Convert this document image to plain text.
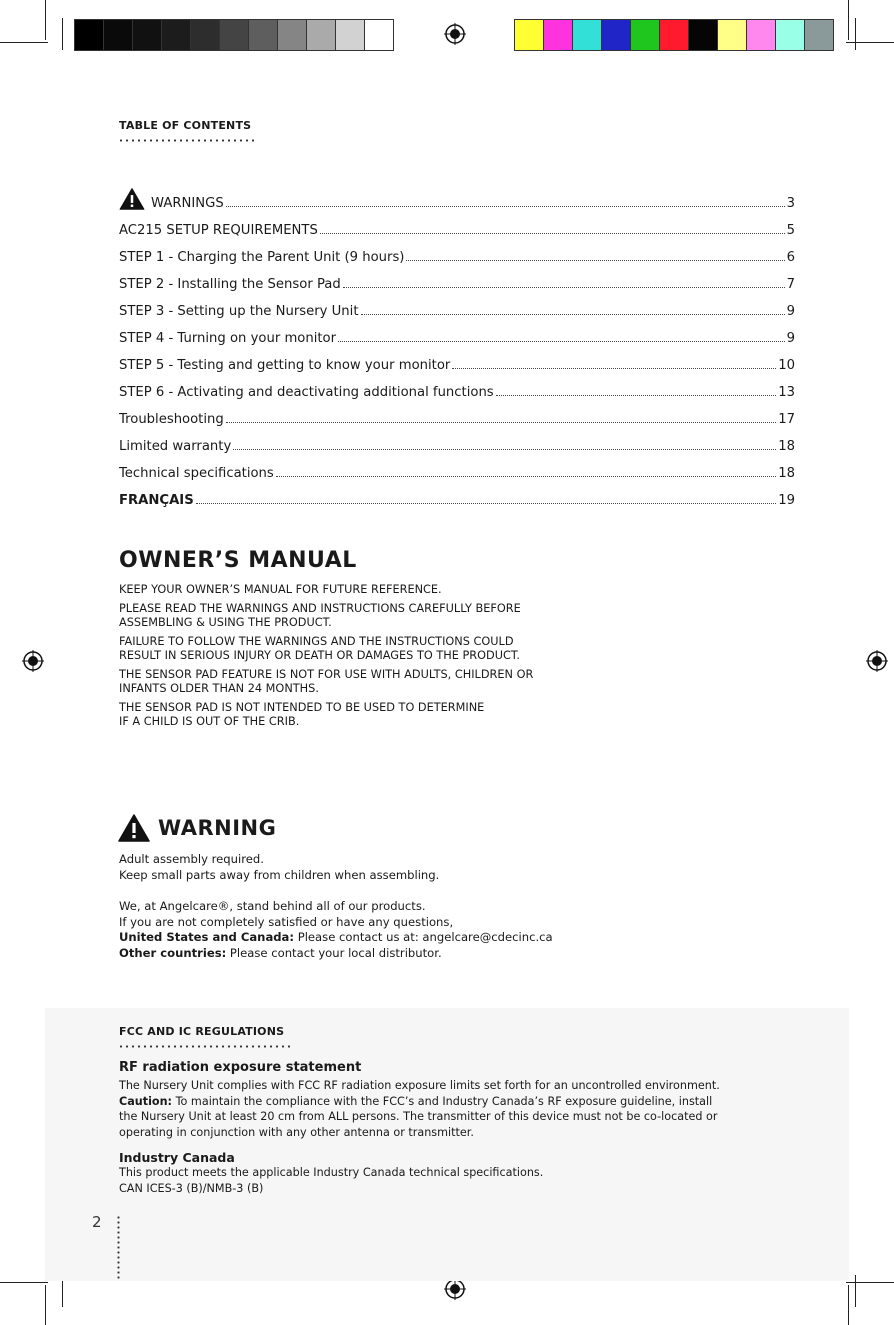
TABLE OF CONTENTS
WARNINGS	3
AC215 SETUP REQUIREMENTS	5
STEP 1 - Charging the Parent Unit (9 hours)	6
STEP 2 - Installing the Sensor Pad	7
STEP 3 - Setting up the Nursery Unit	9
STEP 4 - Turning on your monitor	9
STEP 5 - Testing and getting to know your monitor	10
STEP 6 - Activating and deactivating additional functions	13
Troubleshooting	17
Limited warranty	18
Technical specifications	18
FRANÇAIS	19
OWNER’S MANUAL
KEEP YOUR OWNER’S MANUAL FOR FUTURE REFERENCE.
PLEASE READ THE WARNINGS AND INSTRUCTIONS CAREFULLY BEFORE
ASSEMBLING & USING THE PRODUCT.
FAILURE TO FOLLOW THE WARNINGS AND THE INSTRUCTIONS COULD
RESULT IN SERIOUS INJURY OR DEATH OR DAMAGES TO THE PRODUCT.
THE SENSOR PAD FEATURE IS NOT FOR USE WITH ADULTS, CHILDREN OR
INFANTS OLDER THAN 24 MONTHS.
THE SENSOR PAD IS NOT INTENDED TO BE USED TO DETERMINE
IF A CHILD IS OUT OF THE CRIB.
WARNING
Adult assembly required.
Keep small parts away from children when assembling.
We, at Angelcare®, stand behind all of our products.
If you are not completely satisfied or have any questions,
United States and Canada: Please contact us at: angelcare@cdecinc.ca
Other countries: Please contact your local distributor.
FCC AND IC REGULATIONS
RF radiation exposure statement
The Nursery Unit complies with FCC RF radiation exposure limits set forth for an uncontrolled environment.
Caution: To maintain the compliance with the FCC’s and Industry Canada’s RF exposure guideline, install
the Nursery Unit at least 20 cm from ALL persons. The transmitter of this device must not be co-located or
operating in conjunction with any other antenna or transmitter.
Industry Canada
This product meets the applicable Industry Canada technical specifications.
CAN ICES-3 (B)/NMB-3 (B)
2
